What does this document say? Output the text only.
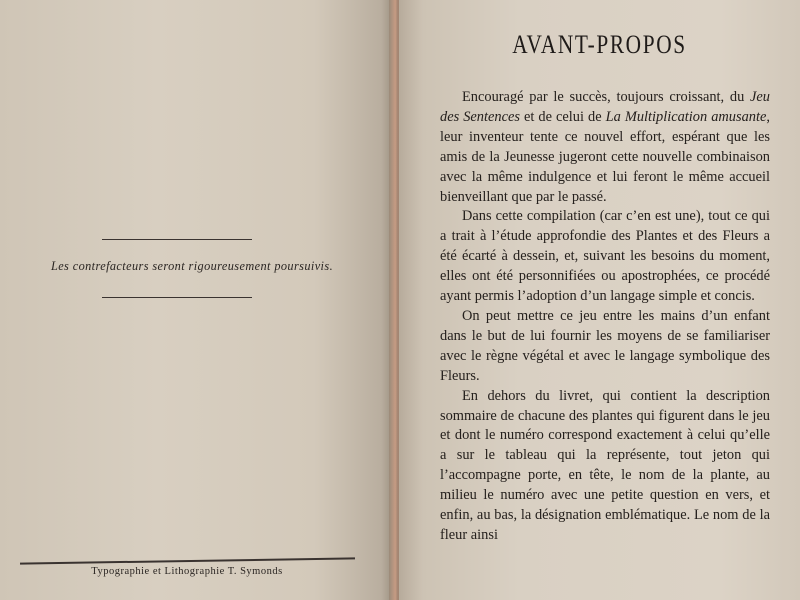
Les contrefacteurs seront rigoureusement poursuivis.
Typographie et Lithographie T. Symonds
AVANT-PROPOS

Encouragé par le succès, toujours croissant, du Jeu des Sentences et de celui de La Multiplication amusante, leur inventeur tente ce nouvel effort, espérant que les amis de la Jeunesse jugeront cette nouvelle combinaison avec la même indulgence et lui feront le même accueil bienveillant que par le passé.

Dans cette compilation (car c’en est une), tout ce qui a trait à l’étude approfondie des Plantes et des Fleurs a été écarté à dessein, et, suivant les besoins du moment, elles ont été personnifiées ou apostrophées, ce procédé ayant permis l’adoption d’un langage simple et concis.

On peut mettre ce jeu entre les mains d’un enfant dans le but de lui fournir les moyens de se familiariser avec le règne végétal et avec le langage symbolique des Fleurs.

En dehors du livret, qui contient la description sommaire de chacune des plantes qui figurent dans le jeu et dont le numéro correspond exactement à celui qu’elle a sur le tableau qui la représente, tout jeton qui l’accompagne porte, en tête, le nom de la plante, au milieu le numéro avec une petite question en vers, et enfin, au bas, la désignation emblématique. Le nom de la fleur ainsi
